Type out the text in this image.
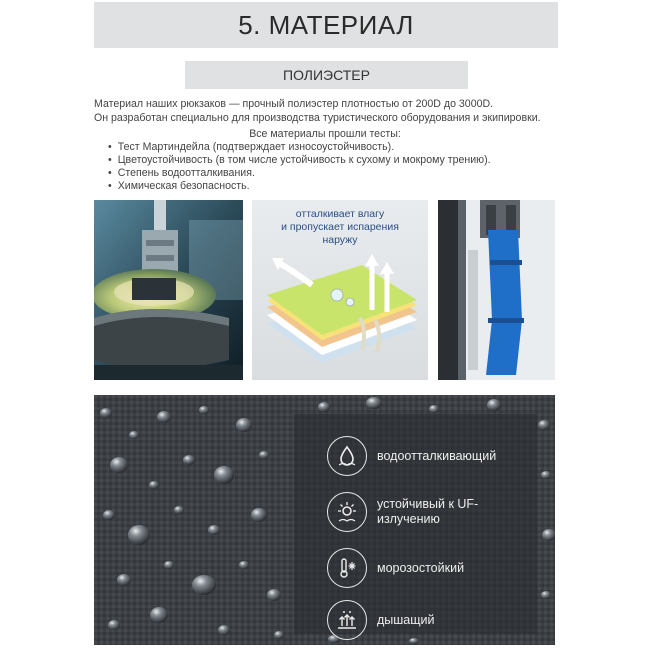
5. МАТЕРИАЛ
ПОЛИЭСТЕР
Материал наших рюкзаков — прочный полиэстер плотностью от 200D до 3000D.
Он разработан специально для производства туристического оборудования и экипировки.
Все материалы прошли тесты:
• Тест Мартиндейла (подтверждает износоустойчивость).
• Цветоустойчивость (в том числе устойчивость к сухому и мокрому трению).
• Степень водоотталкивания.
• Химическая безопасность.
отталкивает влагу
и пропускает испарения
наружу
водоотталкивающий
устойчивый к UF-излучению
морозостойкий
дышащий
